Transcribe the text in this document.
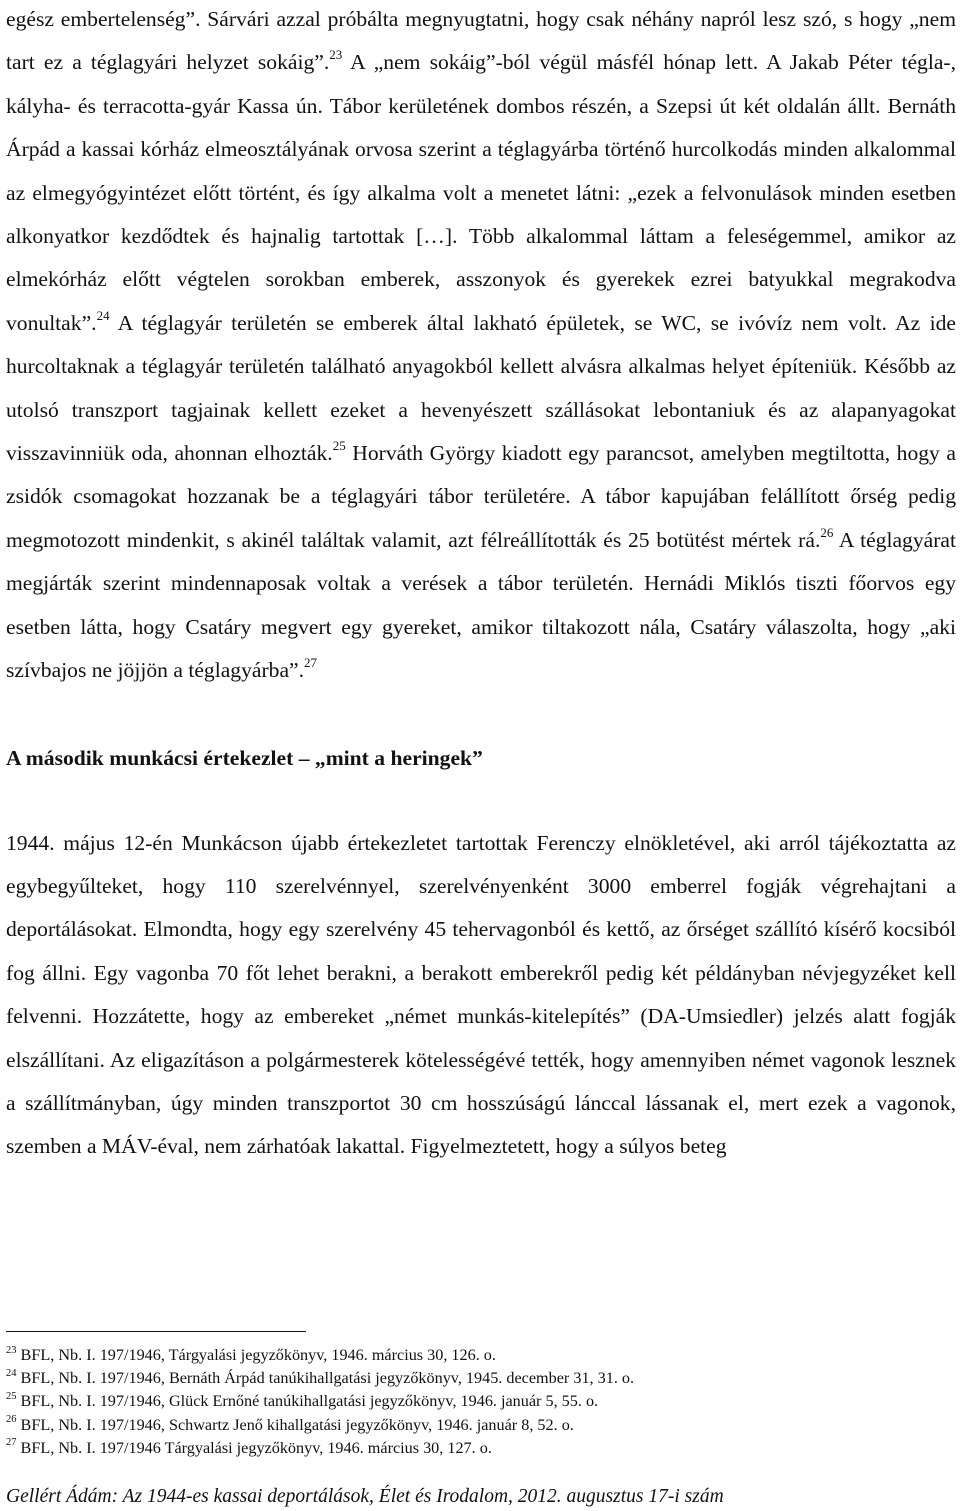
egész embertelenség”. Sárvári azzal próbálta megnyugtatni, hogy csak néhány napról lesz szó, s hogy „nem tart ez a téglagyári helyzet sokáig”.$^{23}$ A „nem sokáig”-ból végül másfél hónap lett. A Jakab Péter tégla-, kályha- és terracotta-gyár Kassa ún. Tábor kerületének dombos részén, a Szepsi út két oldalán állt. Bernáth Árpád a kassai kórház elmeosztályának orvosa szerint a téglagyárba történő hurcolkodás minden alkalommal az elmegyógyintézet előtt történt, és így alkalma volt a menetet látni: „ezek a felvonulások minden esetben alkonyatkor kezdődtek és hajnalig tartottak […]. Több alkalommal láttam a feleségemmel, amikor az elmekórház előtt végtelen sorokban emberek, asszonyok és gyerekek ezrei batyukkal megrakodva vonultak”.$^{24}$ A téglagyár területén se emberek által lakható épületek, se WC, se ivóvíz nem volt. Az ide hurcoltaknak a téglagyár területén található anyagokból kellett alvásra alkalmas helyet építeniük. Később az utolsó transzport tagjainak kellett ezeket a hevenyészett szállásokat lebontaniuk és az alapanyagokat visszavinniük oda, ahonnan elhozták.$^{25}$ Horváth György kiadott egy parancsot, amelyben megtiltotta, hogy a zsidók csomagokat hozzanak be a téglagyári tábor területére. A tábor kapujában felállított őrség pedig megmotozott mindenkit, s akinél találtak valamit, azt félreállították és 25 botütést mértek rá.$^{26}$ A téglagyárat megjárták szerint mindennaposak voltak a verések a tábor területén. Hernádi Miklós tiszti főorvos egy esetben látta, hogy Csatáry megvert egy gyereket, amikor tiltakozott nála, Csatáry válaszolta, hogy „aki szívbajos ne jöjjön a téglagyárba”.$^{27}$

A második munkácsi értekezlet – „mint a heringek”

1944. május 12-én Munkácson újabb értekezletet tartottak Ferenczy elnökletével, aki arról tájékoztatta az egybegyűlteket, hogy 110 szerelvénnyel, szerelvényenként 3000 emberrel fogják végrehajtani a deportálásokat. Elmondta, hogy egy szerelvény 45 tehervagonból és kettő, az őrséget szállító kísérő kocsiból fog állni. Egy vagonba 70 főt lehet berakni, a berakott emberekről pedig két példányban névjegyzéket kell felvenni. Hozzátette, hogy az embereket „német munkás-kitelepítés” (DA-Umsiedler) jelzés alatt fogják elszállítani. Az eligazításon a polgármesterek kötelességévé tették, hogy amennyiben német vagonok lesznek a szállítmányban, úgy minden transzportot 30 cm hosszúságú lánccal lássanak el, mert ezek a vagonok, szemben a MÁV-éval, nem zárhatóak lakattal. Figyelmeztetett, hogy a súlyos beteg

$^{23}$ BFL, Nb. I. 197/1946, Tárgyalási jegyzőkönyv, 1946. március 30, 126. o.
$^{24}$ BFL, Nb. I. 197/1946, Bernáth Árpád tanúkihallgatási jegyzőkönyv, 1945. december 31, 31. o.
$^{25}$ BFL, Nb. I. 197/1946, Glück Ernőné tanúkihallgatási jegyzőkönyv, 1946. január 5, 55. o.
$^{26}$ BFL, Nb. I. 197/1946, Schwartz Jenő kihallgatási jegyzőkönyv, 1946. január 8, 52. o.
$^{27}$ BFL, Nb. I. 197/1946 Tárgyalási jegyzőkönyv, 1946. március 30, 127. o.
Gellért Ádám: Az 1944-es kassai deportálások, Élet és Irodalom, 2012. augusztus 17-i szám
